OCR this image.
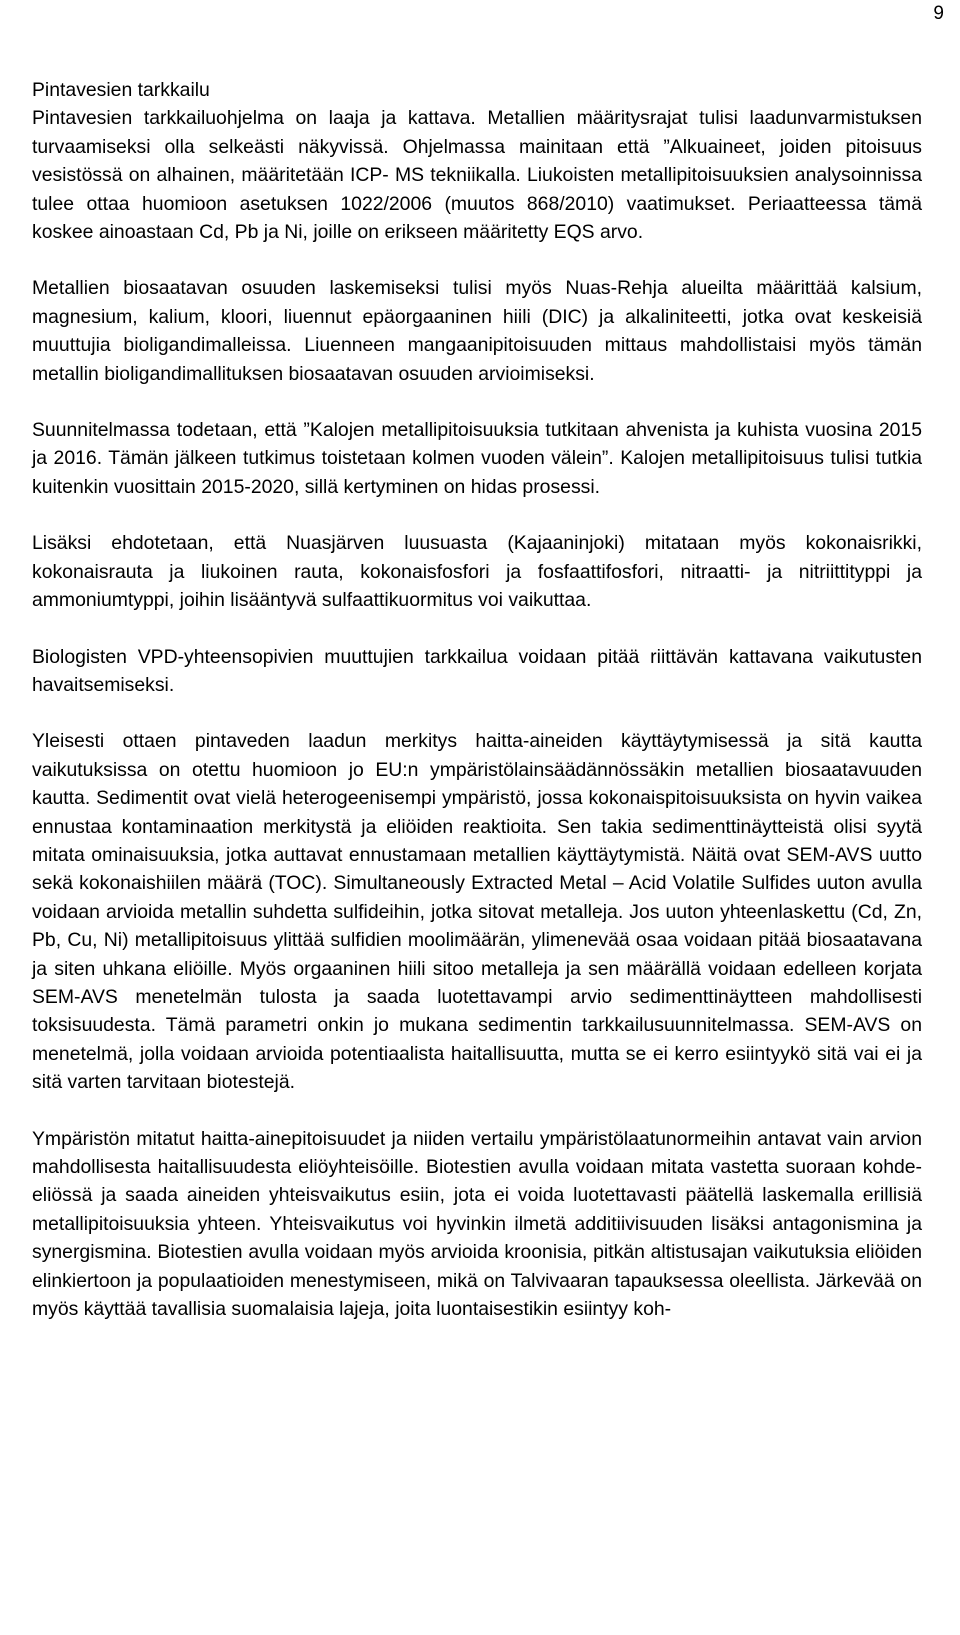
9

Pintavesien tarkkailu

Pintavesien tarkkailuohjelma on laaja ja kattava. Metallien määritysrajat tulisi laadunvarmistuksen turvaamiseksi olla selkeästi näkyvissä. Ohjelmassa mainitaan että ”Alkuaineet, joiden pitoisuus vesistössä on alhainen, määritetään ICP- MS tekniikalla. Liukoisten metallipitoisuuksien analysoinnissa tulee ottaa huomioon asetuksen 1022/2006 (muutos 868/2010) vaatimukset. Periaatteessa tämä koskee ainoastaan Cd, Pb ja Ni, joille on erikseen määritetty EQS arvo.

Metallien biosaatavan osuuden laskemiseksi tulisi myös Nuas-Rehja alueilta määrittää kalsium, magnesium, kalium, kloori, liuennut epäorgaaninen hiili (DIC) ja alkaliniteetti, jotka ovat keskeisiä muuttujia bioligandimalleissa. Liuenneen mangaanipitoisuuden mittaus mahdollistaisi myös tämän metallin bioligandimallituksen biosaatavan osuuden arvioimiseksi.

Suunnitelmassa todetaan, että ”Kalojen metallipitoisuuksia tutkitaan ahvenista ja kuhista vuosina 2015 ja 2016. Tämän jälkeen tutkimus toistetaan kolmen vuoden välein”. Kalojen metallipitoisuus tulisi tutkia kuitenkin vuosittain 2015-2020, sillä kertyminen on hidas prosessi.

Lisäksi ehdotetaan, että Nuasjärven luusuasta (Kajaaninjoki) mitataan myös kokonaisrikki, kokonaisrauta ja liukoinen rauta, kokonaisfosfori ja fosfaattifosfori, nitraatti- ja nitriittityppi ja ammoniumtyppi, joihin lisääntyvä sulfaattikuormitus voi vaikuttaa.

Biologisten VPD-yhteensopivien muuttujien tarkkailua voidaan pitää riittävän kattavana vaikutusten havaitsemiseksi.

Yleisesti ottaen pintaveden laadun merkitys haitta-aineiden käyttäytymisessä ja sitä kautta vaikutuksissa on otettu huomioon jo EU:n ympäristölainsäädännössäkin metallien biosaatavuuden kautta. Sedimentit ovat vielä heterogeenisempi ympäristö, jossa kokonaispitoisuuksista on hyvin vaikea ennustaa kontaminaation merkitystä ja eliöiden reaktioita. Sen takia sedimenttinäytteistä olisi syytä mitata ominaisuuksia, jotka auttavat ennustamaan metallien käyttäytymistä. Näitä ovat SEM-AVS uutto sekä kokonaishiilen määrä (TOC). Simultaneously Extracted Metal – Acid Volatile Sulfides uuton avulla voidaan arvioida metallin suhdetta sulfideihin, jotka sitovat metalleja. Jos uuton yhteenlaskettu (Cd, Zn, Pb, Cu, Ni) metallipitoisuus ylittää sulfidien moolimäärän, ylimenevää osaa voidaan pitää biosaatavana ja siten uhkana eliöille. Myös orgaaninen hiili sitoo metalleja ja sen määrällä voidaan edelleen korjata SEM-AVS menetelmän tulosta ja saada luotettavampi arvio sedimenttinäytteen mahdollisesti toksisuudesta. Tämä parametri onkin jo mukana sedimentin tarkkailusuunnitelmassa. SEM-AVS on menetelmä, jolla voidaan arvioida potentiaalista haitallisuutta, mutta se ei kerro esiintyykö sitä vai ei ja sitä varten tarvitaan biotestejä.

Ympäristön mitatut haitta-ainepitoisuudet ja niiden vertailu ympäristölaatunormeihin antavat vain arvion mahdollisesta haitallisuudesta eliöyhteisöille. Biotestien avulla voidaan mitata vastetta suoraan kohde-eliössä ja saada aineiden yhteisvaikutus esiin, jota ei voida luotettavasti päätellä laskemalla erillisiä metallipitoisuuksia yhteen. Yhteisvaikutus voi hyvinkin ilmetä additiivisuuden lisäksi antagonismina ja synergismina. Biotestien avulla voidaan myös arvioida kroonisia, pitkän altistusajan vaikutuksia eliöiden elinkiertoon ja populaatioiden menestymiseen, mikä on Talvivaaran tapauksessa oleellista. Järkevää on myös käyttää tavallisia suomalaisia lajeja, joita luontaisestikin esiintyy koh-
